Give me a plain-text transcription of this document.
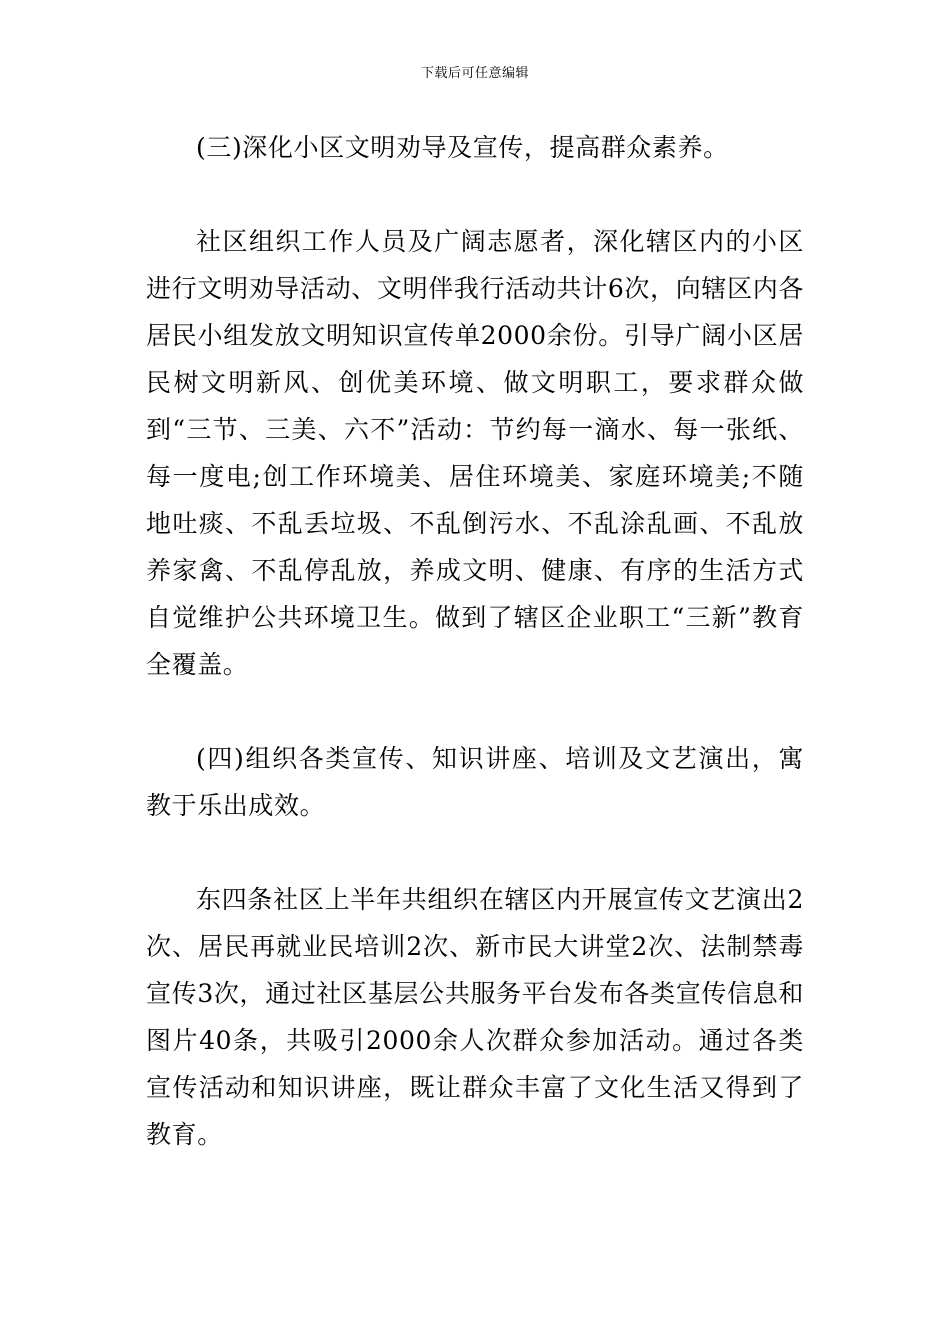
下载后可任意编辑

(三)深化小区文明劝导及宣传，提高群众素养。

社区组织工作人员及广阔志愿者，深化辖区内的小区进行文明劝导活动、文明伴我行活动共计6次，向辖区内各居民小组发放文明知识宣传单2000余份。引导广阔小区居民树文明新风、创优美环境、做文明职工，要求群众做到“三节、三美、六不”活动：节约每一滴水、每一张纸、每一度电;创工作环境美、居住环境美、家庭环境美;不随地吐痰、不乱丢垃圾、不乱倒污水、不乱涂乱画、不乱放养家禽、不乱停乱放，养成文明、健康、有序的生活方式自觉维护公共环境卫生。做到了辖区企业职工“三新”教育全覆盖。

(四)组织各类宣传、知识讲座、培训及文艺演出，寓教于乐出成效。

东四条社区上半年共组织在辖区内开展宣传文艺演出2次、居民再就业民培训2次、新市民大讲堂2次、法制禁毒宣传3次，通过社区基层公共服务平台发布各类宣传信息和图片40条，共吸引2000余人次群众参加活动。通过各类宣传活动和知识讲座，既让群众丰富了文化生活又得到了教育。
